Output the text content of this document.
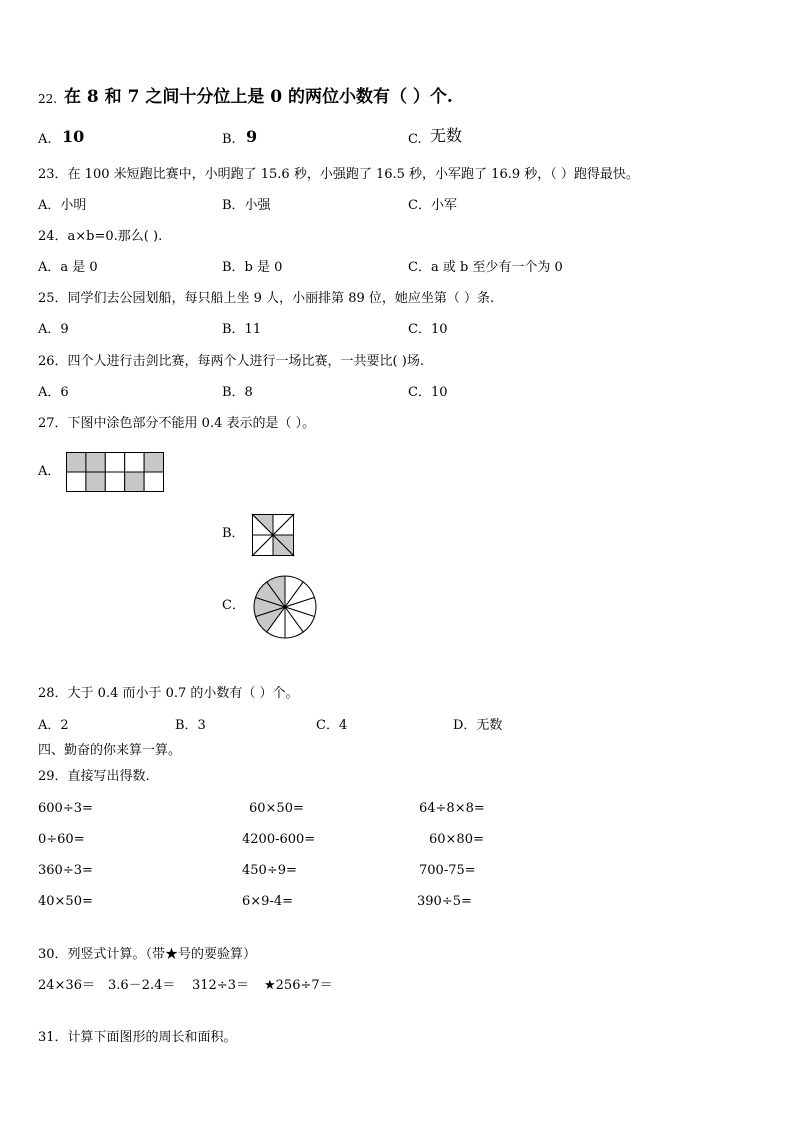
22. 在 8 和 7 之间十分位上是 0 的两位小数有（ ）个.
A. 10	B. 9	C. 无数
23．在 100 米短跑比赛中，小明跑了 15.6 秒，小强跑了 16.5 秒，小军跑了 16.9 秒，（ ）跑得最快。
A．小明	B．小强	C．小军
24．a×b=0.那么( ).
A．a 是 0	B．b 是 0	C．a 或 b 至少有一个为 0
25．同学们去公园划船，每只船上坐 9 人，小丽排第 89 位，她应坐第（ ）条.
A．9	B．11	C．10
26．四个人进行击剑比赛，每两个人进行一场比赛，一共要比( )场.
A．6	B．8	C．10
27．下图中涂色部分不能用 0.4 表示的是（ ）。
A．
B．
C．
28．大于 0.4 而小于 0.7 的小数有（ ）个。
A．2	B．3	C．4	D．无数
四、勤奋的你来算一算。
29．直接写出得数.
600÷3=	60×50=	64÷8×8=
0÷60=	4200-600=	60×80=
360÷3=	450÷9=	700-75=
40×50=	6×9-4=	390÷5=
30．列竖式计算。（带★号的要验算）
24×36＝ 3.6－2.4＝ 312÷3＝ ★256÷7＝
31．计算下面图形的周长和面积。
